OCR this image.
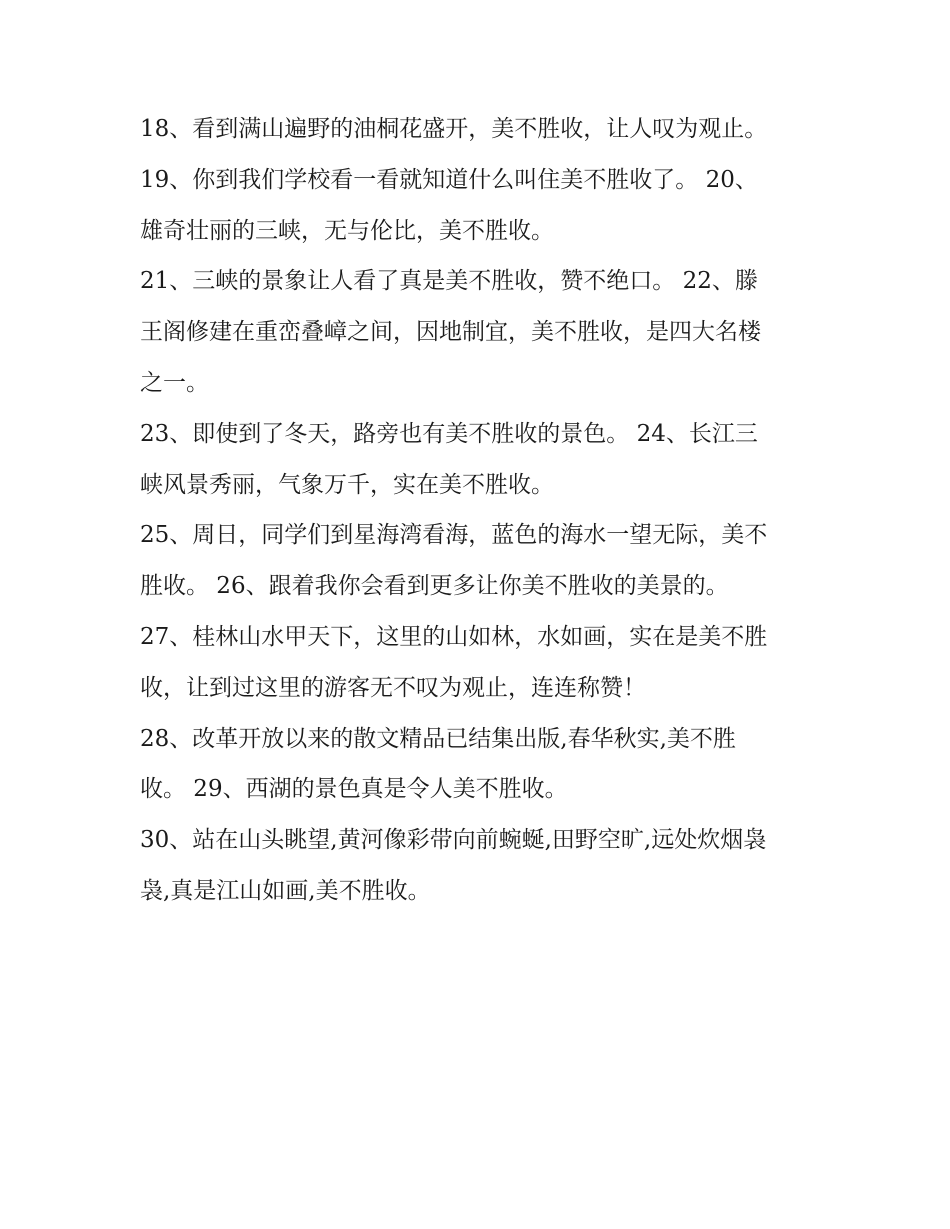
18、看到满山遍野的油桐花盛开，美不胜收，让人叹为观止。
19、你到我们学校看一看就知道什么叫住美不胜收了。 20、
雄奇壮丽的三峡，无与伦比，美不胜收。
21、三峡的景象让人看了真是美不胜收，赞不绝口。 22、滕
王阁修建在重峦叠嶂之间，因地制宜，美不胜收，是四大名楼
之一。
23、即使到了冬天，路旁也有美不胜收的景色。 24、长江三
峡风景秀丽，气象万千，实在美不胜收。
25、周日，同学们到星海湾看海，蓝色的海水一望无际，美不
胜收。 26、跟着我你会看到更多让你美不胜收的美景的。
27、桂林山水甲天下，这里的山如林，水如画，实在是美不胜
收，让到过这里的游客无不叹为观止，连连称赞！
28、改革开放以来的散文精品已结集出版,春华秋实,美不胜
收。 29、西湖的景色真是令人美不胜收。
30、站在山头眺望,黄河像彩带向前蜿蜒,田野空旷,远处炊烟袅
袅,真是江山如画,美不胜收。
